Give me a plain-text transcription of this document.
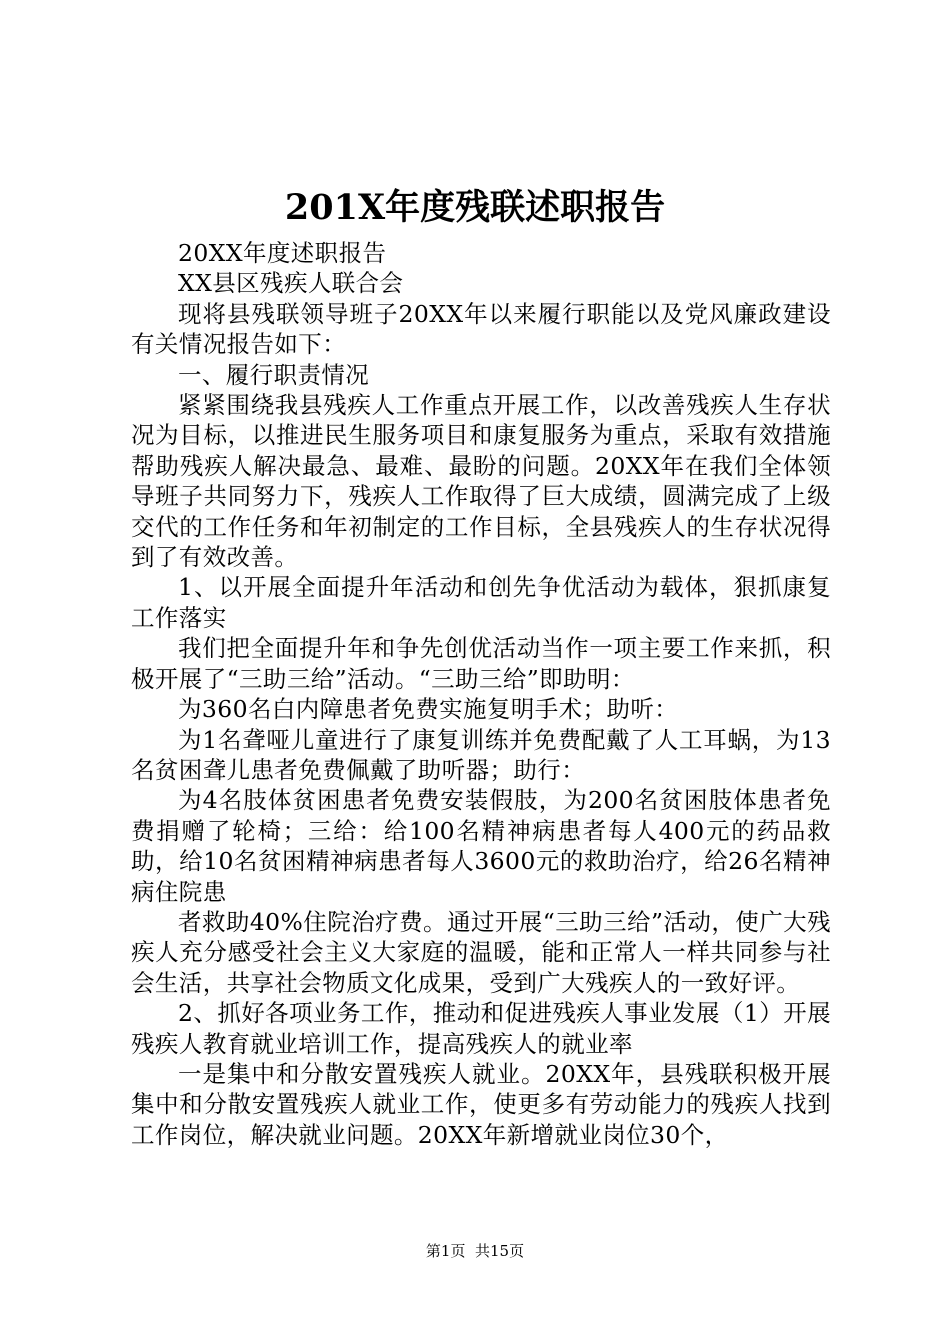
201X年度残联述职报告

20XX年度述职报告

XX县区残疾人联合会

现将县残联领导班子20XX年以来履行职能以及党风廉政建设有关情况报告如下：

一、履行职责情况

紧紧围绕我县残疾人工作重点开展工作，以改善残疾人生存状况为目标，以推进民生服务项目和康复服务为重点，采取有效措施帮助残疾人解决最急、最难、最盼的问题。20XX年在我们全体领导班子共同努力下，残疾人工作取得了巨大成绩，圆满完成了上级交代的工作任务和年初制定的工作目标，全县残疾人的生存状况得到了有效改善。

1、以开展全面提升年活动和创先争优活动为载体，狠抓康复工作落实

我们把全面提升年和争先创优活动当作一项主要工作来抓，积极开展了“三助三给”活动。“三助三给”即助明：

为360名白内障患者免费实施复明手术；助听：

为1名聋哑儿童进行了康复训练并免费配戴了人工耳蜗，为13名贫困聋儿患者免费佩戴了助听器；助行：

为4名肢体贫困患者免费安装假肢，为200名贫困肢体患者免费捐赠了轮椅；三给：给100名精神病患者每人400元的药品救助，给10名贫困精神病患者每人3600元的救助治疗，给26名精神病住院患

者救助40%住院治疗费。通过开展“三助三给”活动，使广大残疾人充分感受社会主义大家庭的温暖，能和正常人一样共同参与社会生活，共享社会物质文化成果，受到广大残疾人的一致好评。

2、抓好各项业务工作，推动和促进残疾人事业发展（1）开展残疾人教育就业培训工作，提高残疾人的就业率

一是集中和分散安置残疾人就业。20XX年，县残联积极开展集中和分散安置残疾人就业工作，使更多有劳动能力的残疾人找到工作岗位，解决就业问题。20XX年新增就业岗位30个，

第1页  共15页
